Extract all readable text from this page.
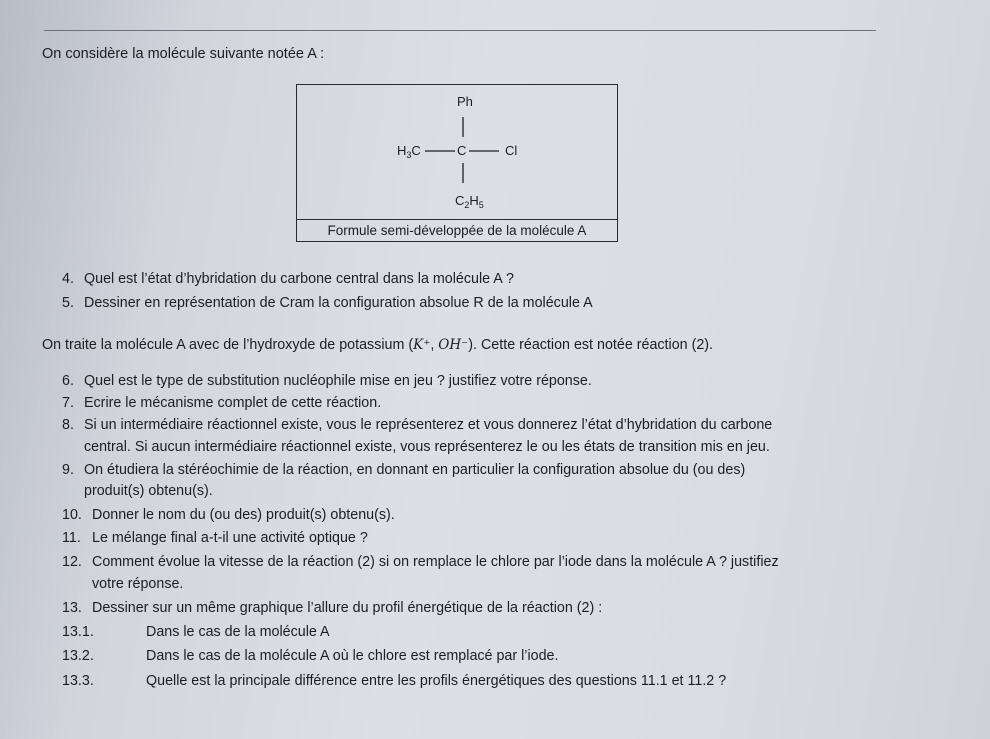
On considère la molécule suivante notée A :
Ph
$H_3C$	C	Cl
$C_2H_5$
Formule semi-développée de la molécule A
4. Quel est l’état d’hybridation du carbone central dans la molécule A ?
5. Dessiner en représentation de Cram la configuration absolue R de la molécule A
On traite la molécule A avec de l’hydroxyde de potassium (K⁺, OH⁻). Cette réaction est notée réaction (2).
6. Quel est le type de substitution nucléophile mise en jeu ? justifiez votre réponse.
7. Ecrire le mécanisme complet de cette réaction.
8. Si un intermédiaire réactionnel existe, vous le représenterez et vous donnerez l’état d’hybridation du carbone
central. Si aucun intermédiaire réactionnel existe, vous représenterez le ou les états de transition mis en jeu.
9. On étudiera la stéréochimie de la réaction, en donnant en particulier la configuration absolue du (ou des)
produit(s) obtenu(s).
10. Donner le nom du (ou des) produit(s) obtenu(s).
11. Le mélange final a-t-il une activité optique ?
12. Comment évolue la vitesse de la réaction (2) si on remplace le chlore par l’iode dans la molécule A ? justifiez
votre réponse.
13. Dessiner sur un même graphique l’allure du profil énergétique de la réaction (2) :
13.1.	Dans le cas de la molécule A
13.2.	Dans le cas de la molécule A où le chlore est remplacé par l’iode.
13.3.	Quelle est la principale différence entre les profils énergétiques des questions 11.1 et 11.2 ?
